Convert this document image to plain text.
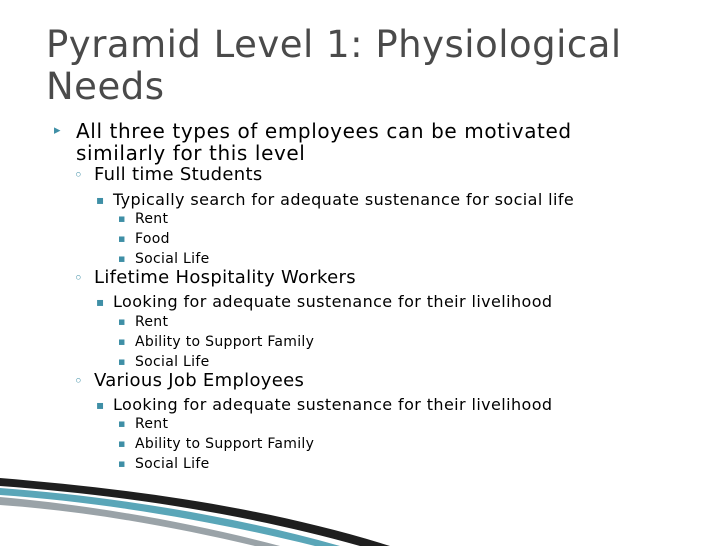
Pyramid Level 1: Physiological Needs
▸ All three types of employees can be motivated
similarly for this level
◦ Full time Students
▪ Typically search for adequate sustenance for social life
▪ Rent
▪ Food
▪ Social Life
◦ Lifetime Hospitality Workers
▪ Looking for adequate sustenance for their livelihood
▪ Rent
▪ Ability to Support Family
▪ Social Life
◦ Various Job Employees
▪ Looking for adequate sustenance for their livelihood
▪ Rent
▪ Ability to Support Family
▪ Social Life
